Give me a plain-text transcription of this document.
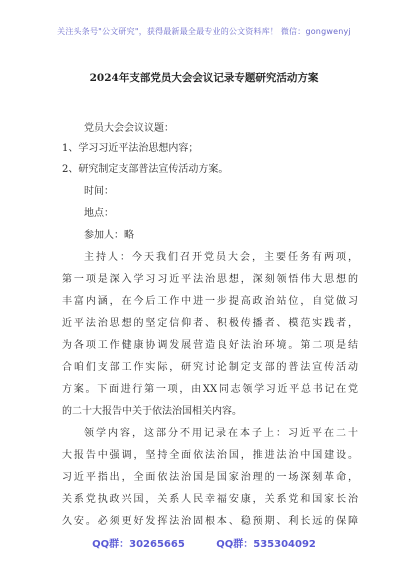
关注头条号"公文研究"，获得最新最全最专业的公文资料库！ 微信：gongwenyj
2024年支部党员大会会议记录专题研究活动方案
党员大会会议议题：
1、学习习近平法治思想内容；
2、研究制定支部普法宣传活动方案。
时间：
地点：
参加人：略
主持人：今天我们召开党员大会，主要任务有两项，
第一项是深入学习习近平法治思想，深刻领悟伟大思想的
丰富内涵，在今后工作中进一步提高政治站位，自觉做习
近平法治思想的坚定信仰者、积极传播者、模范实践者，
为各项工作健康协调发展营造良好法治环境。第二项是结
合咱们支部工作实际，研究讨论制定支部的普法宣传活动
方案。下面进行第一项，由XX同志领学习近平总书记在党
的二十大报告中关于依法治国相关内容。
领学内容，这部分不用记录在本子上：习近平在二十
大报告中强调，坚持全面依法治国，推进法治中国建设。
习近平指出，全面依法治国是国家治理的一场深刻革命，
关系党执政兴国，关系人民幸福安康，关系党和国家长治
久安。必须更好发挥法治固根本、稳预期、利长远的保障
QQ群：30265665	QQ群：535304092
